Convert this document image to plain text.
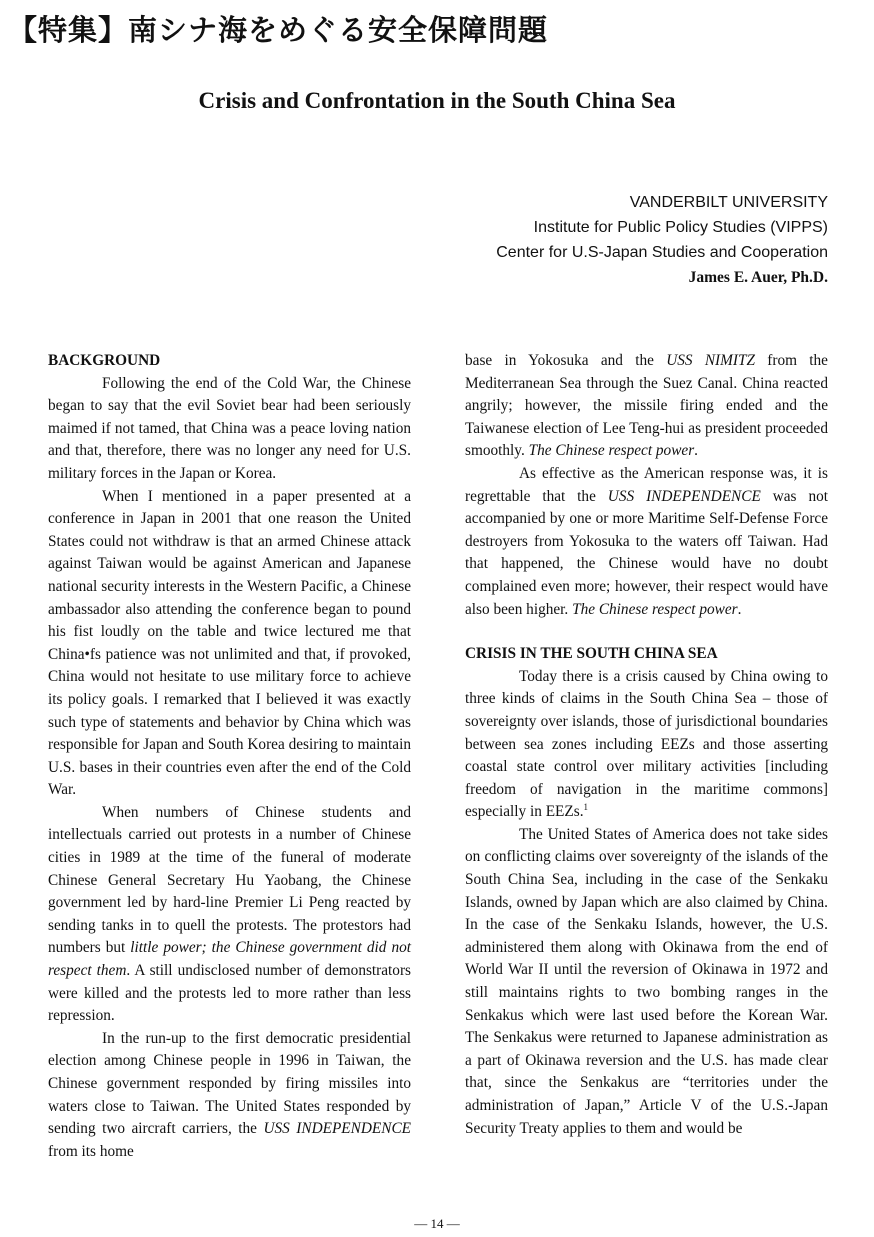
【特集】南シナ海をめぐる安全保障問題
Crisis and Confrontation in the South China Sea
VANDERBILT UNIVERSITY
Institute for Public Policy Studies (VIPPS)
Center for U.S-Japan Studies and Cooperation
James E. Auer, Ph.D.
BACKGROUND

Following the end of the Cold War, the Chinese began to say that the evil Soviet bear had been seriously maimed if not tamed, that China was a peace loving nation and that, therefore, there was no longer any need for U.S. military forces in the Japan or Korea.

When I mentioned in a paper presented at a conference in Japan in 2001 that one reason the United States could not withdraw is that an armed Chinese attack against Taiwan would be against American and Japanese national security interests in the Western Pacific, a Chinese ambassador also attending the conference began to pound his fist loudly on the table and twice lectured me that China•fs patience was not unlimited and that, if provoked, China would not hesitate to use military force to achieve its policy goals. I remarked that I believed it was exactly such type of statements and behavior by China which was responsible for Japan and South Korea desiring to maintain U.S. bases in their countries even after the end of the Cold War.

When numbers of Chinese students and intellectuals carried out protests in a number of Chinese cities in 1989 at the time of the funeral of moderate Chinese General Secretary Hu Yaobang, the Chinese government led by hard-line Premier Li Peng reacted by sending tanks in to quell the protests. The protestors had numbers but little power; the Chinese government did not respect them. A still undisclosed number of demonstrators were killed and the protests led to more rather than less repression.

In the run-up to the first democratic presidential election among Chinese people in 1996 in Taiwan, the Chinese government responded by firing missiles into waters close to Taiwan. The United States responded by sending two aircraft carriers, the USS INDEPENDENCE from its home

base in Yokosuka and the USS NIMITZ from the Mediterranean Sea through the Suez Canal. China reacted angrily; however, the missile firing ended and the Taiwanese election of Lee Teng-hui as president proceeded smoothly. The Chinese respect power.

As effective as the American response was, it is regrettable that the USS INDEPENDENCE was not accompanied by one or more Maritime Self-Defense Force destroyers from Yokosuka to the waters off Taiwan. Had that happened, the Chinese would have no doubt complained even more; however, their respect would have also been higher. The Chinese respect power.

CRISIS IN THE SOUTH CHINA SEA

Today there is a crisis caused by China owing to three kinds of claims in the South China Sea – those of sovereignty over islands, those of jurisdictional boundaries between sea zones including EEZs and those asserting coastal state control over military activities [including freedom of navigation in the maritime commons] especially in EEZs.$^1$

The United States of America does not take sides on conflicting claims over sovereignty of the islands of the South China Sea, including in the case of the Senkaku Islands, owned by Japan which are also claimed by China. In the case of the Senkaku Islands, however, the U.S. administered them along with Okinawa from the end of World War II until the reversion of Okinawa in 1972 and still maintains rights to two bombing ranges in the Senkakus which were last used before the Korean War. The Senkakus were returned to Japanese administration as a part of Okinawa reversion and the U.S. has made clear that, since the Senkakus are “territories under the administration of Japan,” Article V of the U.S.-Japan Security Treaty applies to them and would be

— 14 —
